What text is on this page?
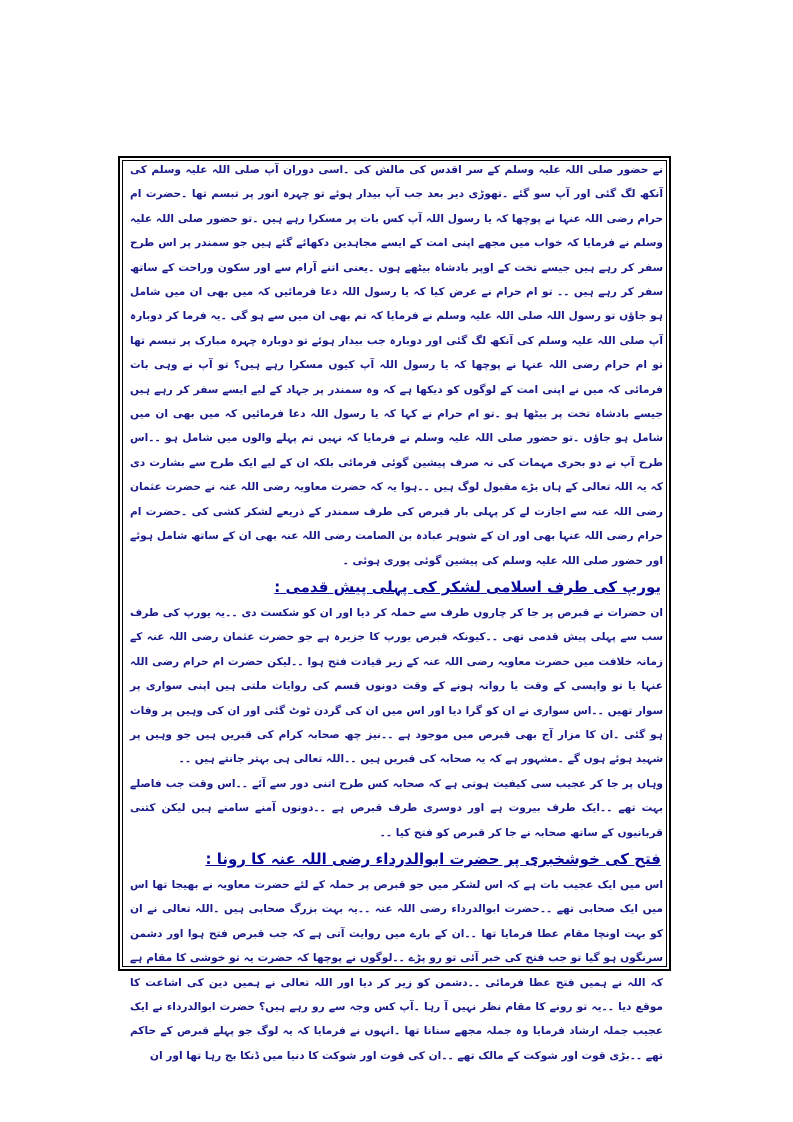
نے حضور صلی اللہ علیہ وسلم کے سر اقدس کی مالش کی ۔اسی دوران آپ صلی اللہ علیہ وسلم کی آنکھ لگ گئی اور آپ سو گئے ۔تھوڑی دیر بعد جب آپ بیدار ہوئے تو چہرہ انور پر تبسم تھا ۔حضرت ام حرام رضی اللہ عنہا نے پوچھا کہ یا رسول اللہ آپ کس بات پر مسکرا رہے ہیں ۔تو حضور صلی اللہ علیہ وسلم نے فرمایا کہ خواب میں مجھے اپنی امت کے ایسے مجاہدین دکھائے گئے ہیں جو سمندر پر اس طرح سفر کر رہے ہیں جیسے تخت کے اوپر بادشاہ بیٹھے ہوں ۔یعنی اتنے آرام سے اور سکون وراحت کے ساتھ سفر کر رہے ہیں ۔۔ تو ام حرام نے عرض کیا کہ یا رسول اللہ دعا فرمائیں کہ میں بھی ان میں شامل ہو جاؤں تو رسول اللہ صلی اللہ علیہ وسلم نے فرمایا کہ تم بھی ان میں سے ہو گی ۔یہ فرما کر دوبارہ آپ صلی اللہ علیہ وسلم کی آنکھ لگ گئی اور دوبارہ جب بیدار ہوئے تو دوبارہ چہرہ مبارک پر تبسم تھا تو ام حرام رضی اللہ عنہا نے پوچھا کہ یا رسول اللہ آپ کیوں مسکرا رہے ہیں؟ تو آپ نے وہی بات فرمائی کہ میں نے اپنی امت کے لوگوں کو دیکھا ہے کہ وہ سمندر پر جہاد کے لیے ایسے سفر کر رہے ہیں جیسے بادشاہ تخت پر بیٹھا ہو ۔تو ام حرام نے کہا کہ یا رسول اللہ دعا فرمائیں کہ میں بھی ان میں شامل ہو جاؤں ۔تو حضور صلی اللہ علیہ وسلم نے فرمایا کہ نہیں تم پہلے والوں میں شامل ہو ۔۔اس طرح آپ نے دو بحری مہمات کی نہ صرف پیشین گوئی فرمائی بلکہ ان کے لیے ایک طرح سے بشارت دی کہ یہ اللہ تعالی کے ہاں بڑے مقبول لوگ ہیں ۔۔ہوا یہ کہ حضرت معاویہ رضی اللہ عنہ نے حضرت عثمان رضی اللہ عنہ سے اجازت لے کر پہلی بار قبرص کی طرف سمندر کے ذریعے لشکر کشی کی ۔حضرت ام حرام رضی اللہ عنہا بھی اور ان کے شوہر عبادہ بن الصامت رضی اللہ عنہ بھی ان کے ساتھ شامل ہوئے اور حضور صلی اللہ علیہ وسلم کی پیشین گوئی پوری ہوئی ۔

یورپ کی طرف اسلامی لشکر کی پہلی پیش قدمی :

ان حضرات نے قبرص پر جا کر چاروں طرف سے حملہ کر دیا اور ان کو شکست دی ۔۔یہ یورپ کی طرف سب سے پہلی پیش قدمی تھی ۔۔کیونکہ قبرص یورپ کا جزیرہ ہے جو حضرت عثمان رضی اللہ عنہ کے زمانہ خلافت میں حضرت معاویہ رضی اللہ عنہ کے زیر قیادت فتح ہوا ۔۔لیکن حضرت ام حرام رضی اللہ عنہا یا تو واپسی کے وقت یا روانہ ہونے کے وقت دونوں قسم کی روایات ملتی ہیں اپنی سواری پر سوار تھیں ۔۔اس سواری نے ان کو گرا دیا اور اس میں ان کی گردن ٹوٹ گئی اور ان کی وہیں پر وفات ہو گئی ۔ان کا مزار آج بھی قبرص میں موجود ہے ۔۔نیز چھ صحابہ کرام کی قبریں ہیں جو وہیں پر شہید ہوئے ہوں گے ۔مشہور ہے کہ یہ صحابہ کی قبریں ہیں ۔۔اللہ تعالی ہی بہتر جانتے ہیں ۔۔

وہاں پر جا کر عجیب سی کیفیت ہوتی ہے کہ صحابہ کس طرح اتنی دور سے آئے ۔۔اس وقت جب فاصلے بہت تھے ۔۔ایک طرف بیروت ہے اور دوسری طرف قبرص ہے ۔۔دونوں آمنے سامنے ہیں لیکن کتنی قربانیوں کے ساتھ صحابہ نے جا کر قبرص کو فتح کیا ۔۔

فتح کی خوشخبری پر حضرت ابوالدرداء رضی اللہ عنہ کا رونا :

اس میں ایک عجیب بات ہے کہ اس لشکر میں جو قبرص پر حملہ کے لئے حضرت معاویہ نے بھیجا تھا اس میں ایک صحابی تھے ۔۔حضرت ابوالدرداء رضی اللہ عنہ ۔۔یہ بہت بزرگ صحابی ہیں ۔اللہ تعالی نے ان کو بہت اونچا مقام عطا فرمایا تھا ۔۔ان کے بارے میں روایت آتی ہے کہ جب قبرص فتح ہوا اور دشمن سرنگوں ہو گیا تو جب فتح کی خبر آئی تو رو پڑے ۔۔لوگوں نے پوچھا کہ حضرت یہ تو خوشی کا مقام ہے کہ اللہ نے ہمیں فتح عطا فرمائی ۔۔دشمن کو زیر کر دیا اور اللہ تعالی نے ہمیں دین کی اشاعت کا موقع دیا ۔۔یہ تو رونے کا مقام نظر نہیں آ رہا ۔آپ کس وجہ سے رو رہے ہیں؟ حضرت ابوالدرداء نے ایک عجیب جملہ ارشاد فرمایا وہ جملہ مجھے سنانا تھا ۔انہوں نے فرمایا کہ یہ لوگ جو پہلے قبرص کے حاکم تھے ۔۔بڑی قوت اور شوکت کے مالک تھے ۔۔ان کی قوت اور شوکت کا دنیا میں ڈنکا بج رہا تھا اور ان
